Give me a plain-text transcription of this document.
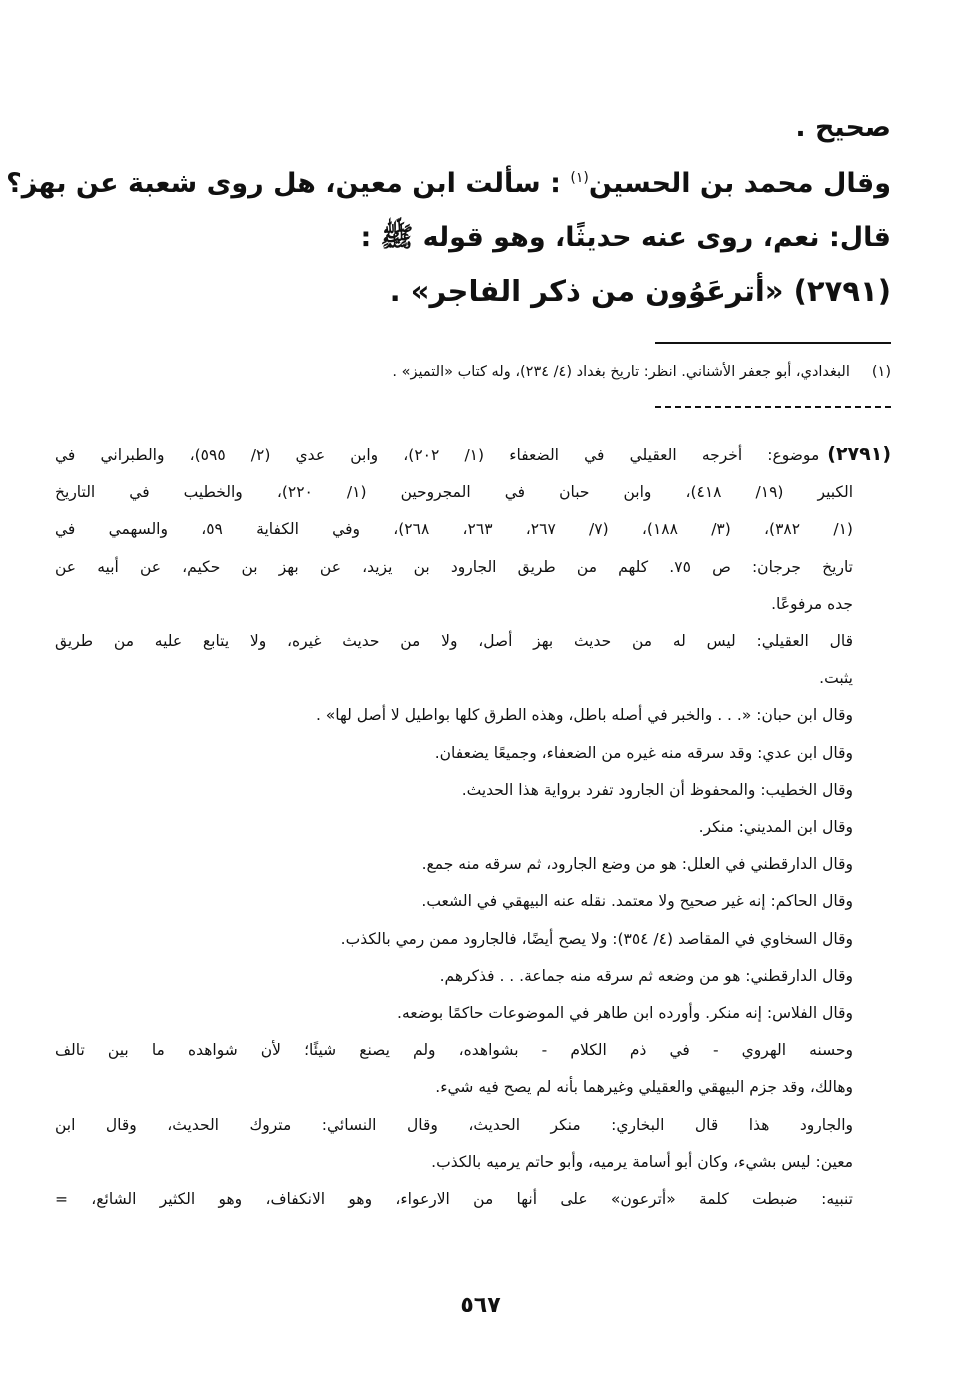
صحيح .
وقال محمد بن الحسين$^{(١)}$ : سألت ابن معين، هل روى شعبة عن بهز؟
قال: نعم، روى عنه حديثًا، وهو قوله ﷺ :
(٢٧٩١) «أترعَوُون من ذكر الفاجر» .
(١)البغدادي، أبو جعفر الأشناني. انظر: تاريخ بغداد (٤/ ٢٣٤)، وله كتاب «التميز» .

(٢٧٩١)موضوع: أخرجه العقيلي في الضعفاء (١/ ٢٠٢)، وابن عدي (٢/ ٥٩٥)، والطبراني في

الكبير (١٩/ ٤١٨)، وابن حبان في المجروحين (١/ ٢٢٠)، والخطيب في التاريخ

(١/ ٣٨٢)، (٣/ ١٨٨)، (٧/ ٢٦٧، ٢٦٣، ٢٦٨)، وفي الكفاية ٥٩، والسهمي في

تاريخ جرجان: ص ٧٥. كلهم من طريق الجارود بن يزيد، عن بهز بن حكيم، عن أبيه عن

جده مرفوعًا.

قال العقيلي: ليس له من حديث بهز أصل، ولا من حديث غيره، ولا يتابع عليه من طريق

يثبت.

وقال ابن حبان: «. . . والخبر في أصله باطل، وهذه الطرق كلها بواطيل لا أصل لها» .

وقال ابن عدي: وقد سرقه منه غيره من الضعفاء، وجميعًا يضعفان.

وقال الخطيب: والمحفوظ أن الجارود تفرد برواية هذا الحديث.

وقال ابن المديني: منكر.

وقال الدارقطني في العلل: هو من وضع الجارود، ثم سرقه منه جمع.

وقال الحاكم: إنه غير صحيح ولا معتمد. نقله عنه البيهقي في الشعب.

وقال السخاوي في المقاصد (٤/ ٣٥٤): ولا يصح أيضًا، فالجارود ممن رمي بالكذب.

وقال الدارقطني: هو من وضعه ثم سرقه منه جماعة. . . فذكرهم.

وقال الفلاس: إنه منكر. وأورده ابن طاهر في الموضوعات حاكمًا بوضعه.

وحسنه الهروي - في ذم الكلام - بشواهده، ولم يصنع شيئًا؛ لأن شواهده ما بين تالف

وهالك، وقد جزم البيهقي والعقيلي وغيرهما بأنه لم يصح فيه شيء.

والجارود هذا قال البخاري: منكر الحديث، وقال النسائي: متروك الحديث، وقال ابن

معين: ليس بشيء، وكان أبو أسامة يرميه، وأبو حاتم يرميه بالكذب.

تنبيه: ضبطت كلمة «أترعون» على أنها من الارعواء، وهو الانكفاف، وهو الكثير الشائع، =

٥٦٧
